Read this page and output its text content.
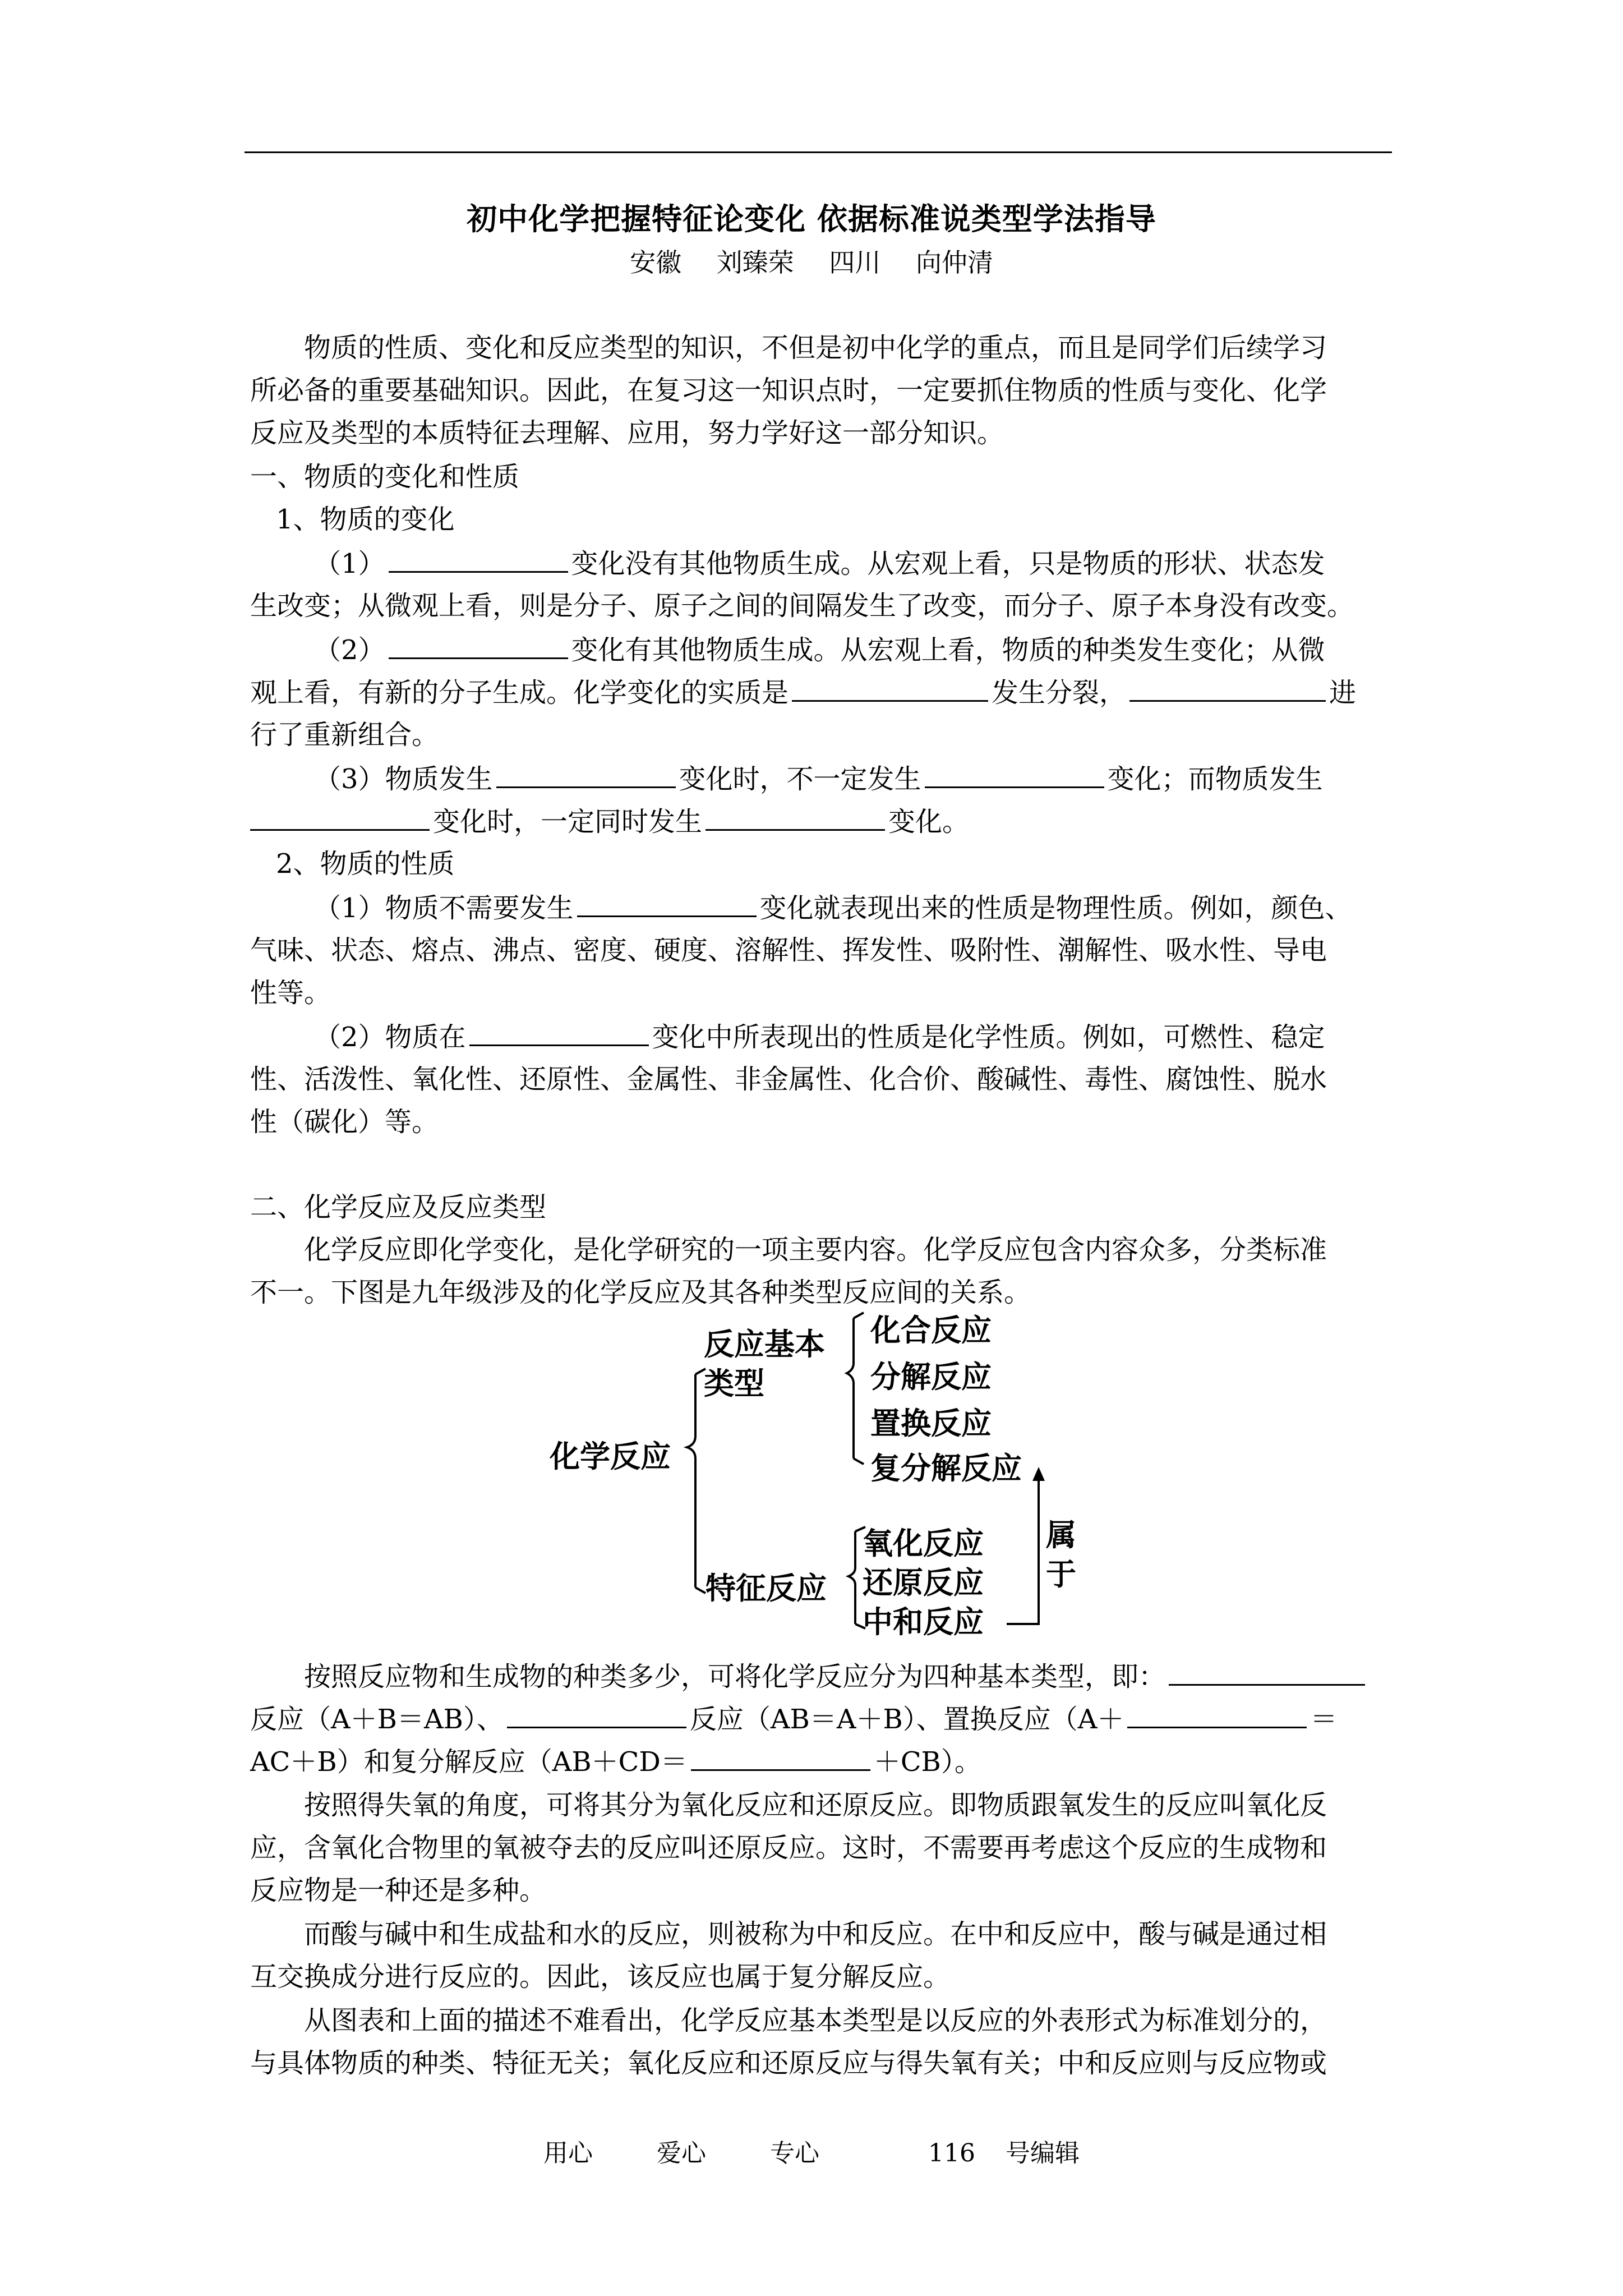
初中化学把握特征论变化 依据标准说类型学法指导
安徽 刘臻荣 四川 向仲清
物质的性质、变化和反应类型的知识，不但是初中化学的重点，而且是同学们后续学习
所必备的重要基础知识。因此，在复习这一知识点时，一定要抓住物质的性质与变化、化学
反应及类型的本质特征去理解、应用，努力学好这一部分知识。
一、物质的变化和性质
1、物质的变化
（1）	变化没有其他物质生成。从宏观上看，只是物质的形状、状态发
生改变；从微观上看，则是分子、原子之间的间隔发生了改变，而分子、原子本身没有改变。
（2）	变化有其他物质生成。从宏观上看，物质的种类发生变化；从微
观上看，有新的分子生成。化学变化的实质是	发生分裂，	进
行了重新组合。
（3）物质发生	变化时，不一定发生	变化；而物质发生
变化时，一定同时发生	变化。
2、物质的性质
（1）物质不需要发生	变化就表现出来的性质是物理性质。例如，颜色、
气味、状态、熔点、沸点、密度、硬度、溶解性、挥发性、吸附性、潮解性、吸水性、导电
性等。
（2）物质在	变化中所表现出的性质是化学性质。例如，可燃性、稳定
性、活泼性、氧化性、还原性、金属性、非金属性、化合价、酸碱性、毒性、腐蚀性、脱水
性（碳化）等。
二、化学反应及反应类型
化学反应即化学变化，是化学研究的一项主要内容。化学反应包含内容众多，分类标准
不一。下图是九年级涉及的化学反应及其各种类型反应间的关系。
化学反应
反应基本
类型
化合反应
分解反应
置换反应
复分解反应
特征反应
氧化反应
还原反应
中和反应
属
于
按照反应物和生成物的种类多少，可将化学反应分为四种基本类型，即：
反应（A＋B＝AB）、	反应（AB＝A＋B）、置换反应（A＋	＝
AC＋B）和复分解反应（AB＋CD＝	＋CB）。
按照得失氧的角度，可将其分为氧化反应和还原反应。即物质跟氧发生的反应叫氧化反
应，含氧化合物里的氧被夺去的反应叫还原反应。这时，不需要再考虑这个反应的生成物和
反应物是一种还是多种。
而酸与碱中和生成盐和水的反应，则被称为中和反应。在中和反应中，酸与碱是通过相
互交换成分进行反应的。因此，该反应也属于复分解反应。
从图表和上面的描述不难看出，化学反应基本类型是以反应的外表形式为标准划分的，
与具体物质的种类、特征无关；氧化反应和还原反应与得失氧有关；中和反应则与反应物或
用心	爱心	专心	116 号编辑
